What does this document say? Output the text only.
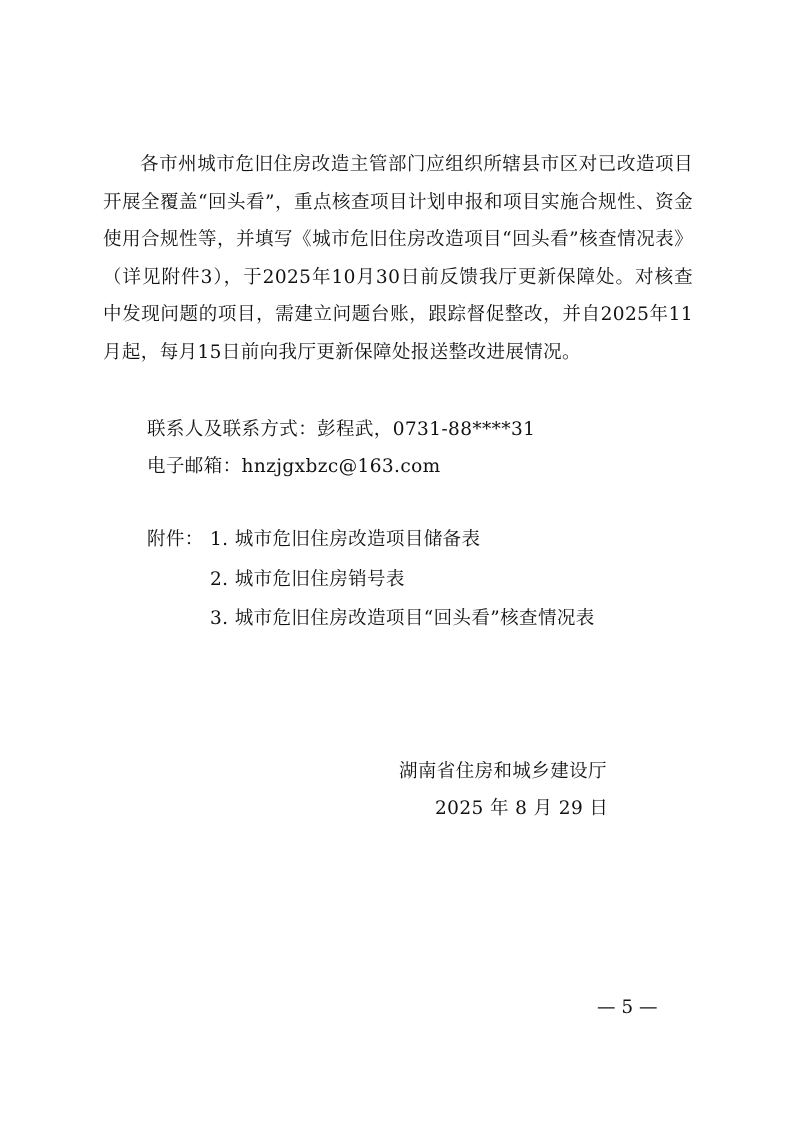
各市州城市危旧住房改造主管部门应组织所辖县市区对已改造项目开展全覆盖“回头看”，重点核查项目计划申报和项目实施合规性、资金使用合规性等，并填写《城市危旧住房改造项目“回头看”核查情况表》（详见附件3），于2025年10月30日前反馈我厅更新保障处。对核查中发现问题的项目，需建立问题台账，跟踪督促整改，并自2025年11月起，每月15日前向我厅更新保障处报送整改进展情况。

联系人及联系方式：彭程武，0731-88****31
电子邮箱：hnzjgxbzc@163.com
附件： 1. 城市危旧住房改造项目储备表
2. 城市危旧住房销号表
3. 城市危旧住房改造项目“回头看”核查情况表
湖南省住房和城乡建设厅
2025 年 8 月 29 日
— 5 —
